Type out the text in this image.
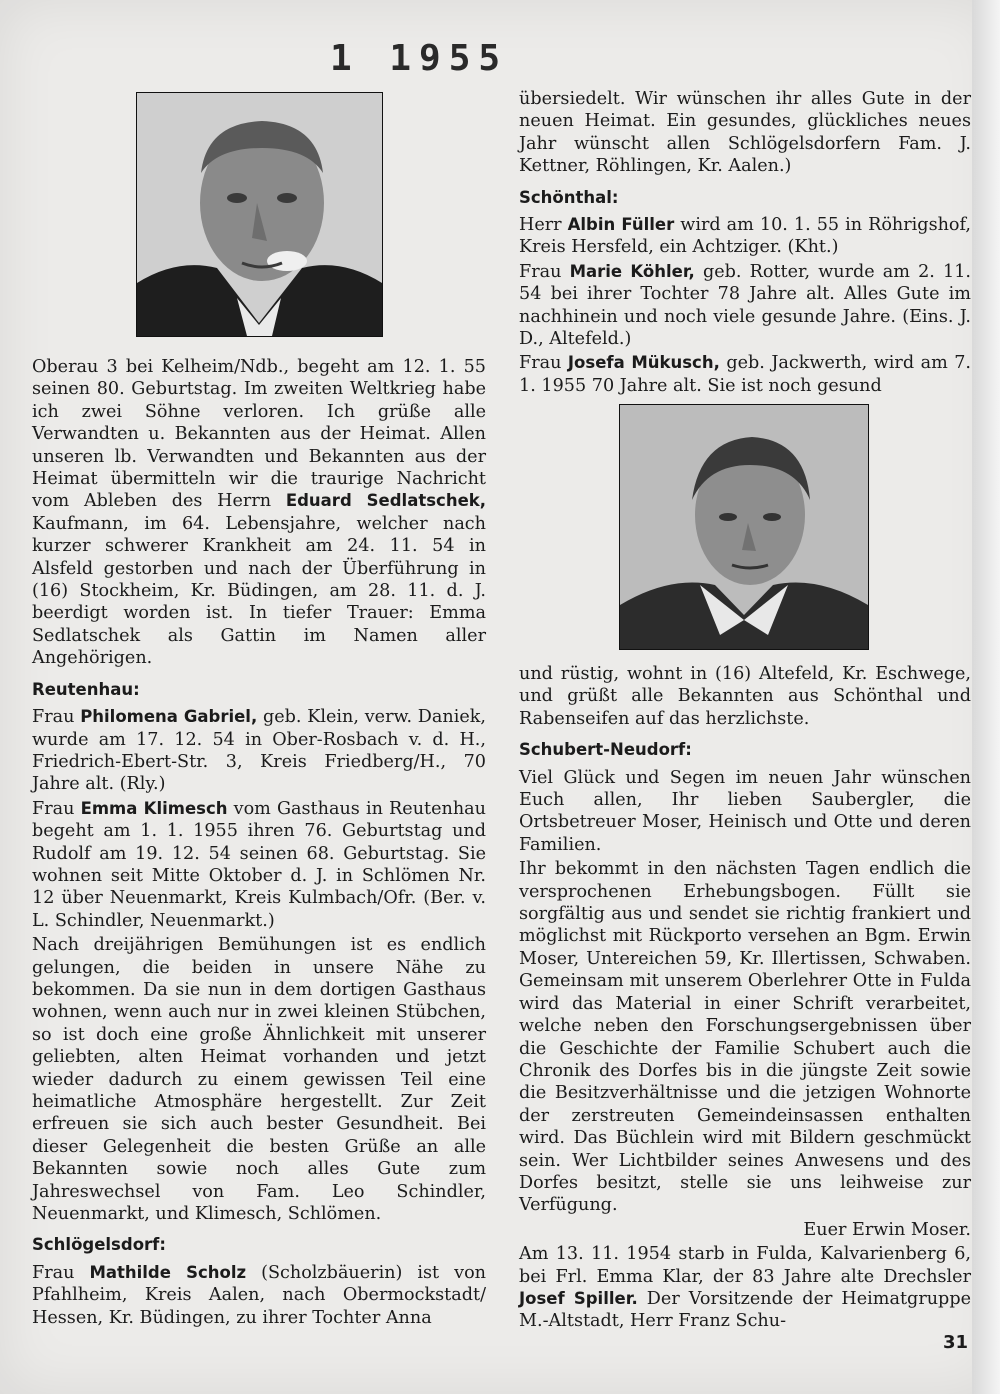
1 1955

Oberau 3 bei Kelheim/Ndb., begeht am 12. 1. 55 seinen 80. Geburtstag. Im zweiten Weltkrieg habe ich zwei Söhne verloren. Ich grüße alle Verwandten u. Bekannten aus der Heimat. Allen unseren lb. Verwandten und Bekannten aus der Heimat übermitteln wir die traurige Nachricht vom Ableben des Herrn Eduard Sedlatschek, Kaufmann, im 64. Lebensjahre, welcher nach kurzer schwerer Krankheit am 24. 11. 54 in Alsfeld gestorben und nach der Überführung in (16) Stockheim, Kr. Büdingen, am 28. 11. d. J. beerdigt worden ist. In tiefer Trauer: Emma Sedlatschek als Gattin im Namen aller Angehörigen.

Reutenhau:

Frau Philomena Gabriel, geb. Klein, verw. Daniek, wurde am 17. 12. 54 in Ober-Rosbach v. d. H., Friedrich-Ebert-Str. 3, Kreis Friedberg/H., 70 Jahre alt. (Rly.)

Frau Emma Klimesch vom Gasthaus in Reutenhau begeht am 1. 1. 1955 ihren 76. Geburtstag und Rudolf am 19. 12. 54 seinen 68. Geburtstag. Sie wohnen seit Mitte Oktober d. J. in Schlömen Nr. 12 über Neuenmarkt, Kreis Kulmbach/Ofr. (Ber. v. L. Schindler, Neuenmarkt.)

Nach dreijährigen Bemühungen ist es endlich gelungen, die beiden in unsere Nähe zu bekommen. Da sie nun in dem dortigen Gasthaus wohnen, wenn auch nur in zwei kleinen Stübchen, so ist doch eine große Ähnlichkeit mit unserer geliebten, alten Heimat vorhanden und jetzt wieder dadurch zu einem gewissen Teil eine heimatliche Atmosphäre hergestellt. Zur Zeit erfreuen sie sich auch bester Gesundheit. Bei dieser Gelegenheit die besten Grüße an alle Bekannten sowie noch alles Gute zum Jahreswechsel von Fam. Leo Schindler, Neuenmarkt, und Klimesch, Schlömen.

Schlögelsdorf:

Frau Mathilde Scholz (Scholzbäuerin) ist von Pfahlheim, Kreis Aalen, nach Obermockstadt/ Hessen, Kr. Büdingen, zu ihrer Tochter Anna

übersiedelt. Wir wünschen ihr alles Gute in der neuen Heimat. Ein gesundes, glückliches neues Jahr wünscht allen Schlögelsdorfern Fam. J. Kettner, Röhlingen, Kr. Aalen.)

Schönthal:

Herr Albin Füller wird am 10. 1. 55 in Röhrigshof, Kreis Hersfeld, ein Achtziger. (Kht.)

Frau Marie Köhler, geb. Rotter, wurde am 2. 11. 54 bei ihrer Tochter 78 Jahre alt. Alles Gute im nachhinein und noch viele gesunde Jahre. (Eins. J. D., Altefeld.)

Frau Josefa Mükusch, geb. Jackwerth, wird am 7. 1. 1955 70 Jahre alt. Sie ist noch gesund

und rüstig, wohnt in (16) Altefeld, Kr. Eschwege, und grüßt alle Bekannten aus Schönthal und Rabenseifen auf das herzlichste.

Schubert-Neudorf:

Viel Glück und Segen im neuen Jahr wünschen Euch allen, Ihr lieben Saubergler, die Ortsbetreuer Moser, Heinisch und Otte und deren Familien.

Ihr bekommt in den nächsten Tagen endlich die versprochenen Erhebungsbogen. Füllt sie sorgfältig aus und sendet sie richtig frankiert und möglichst mit Rückporto versehen an Bgm. Erwin Moser, Untereichen 59, Kr. Illertissen, Schwaben. Gemeinsam mit unserem Oberlehrer Otte in Fulda wird das Material in einer Schrift verarbeitet, welche neben den Forschungsergebnissen über die Geschichte der Familie Schubert auch die Chronik des Dorfes bis in die jüngste Zeit sowie die Besitzverhältnisse und die jetzigen Wohnorte der zerstreuten Gemeindeinsassen enthalten wird. Das Büchlein wird mit Bildern geschmückt sein. Wer Lichtbilder seines Anwesens und des Dorfes besitzt, stelle sie uns leihweise zur Verfügung.

Euer Erwin Moser.

Am 13. 11. 1954 starb in Fulda, Kalvarienberg 6, bei Frl. Emma Klar, der 83 Jahre alte Drechsler Josef Spiller. Der Vorsitzende der Heimatgruppe M.-Altstadt, Herr Franz Schu-

31
